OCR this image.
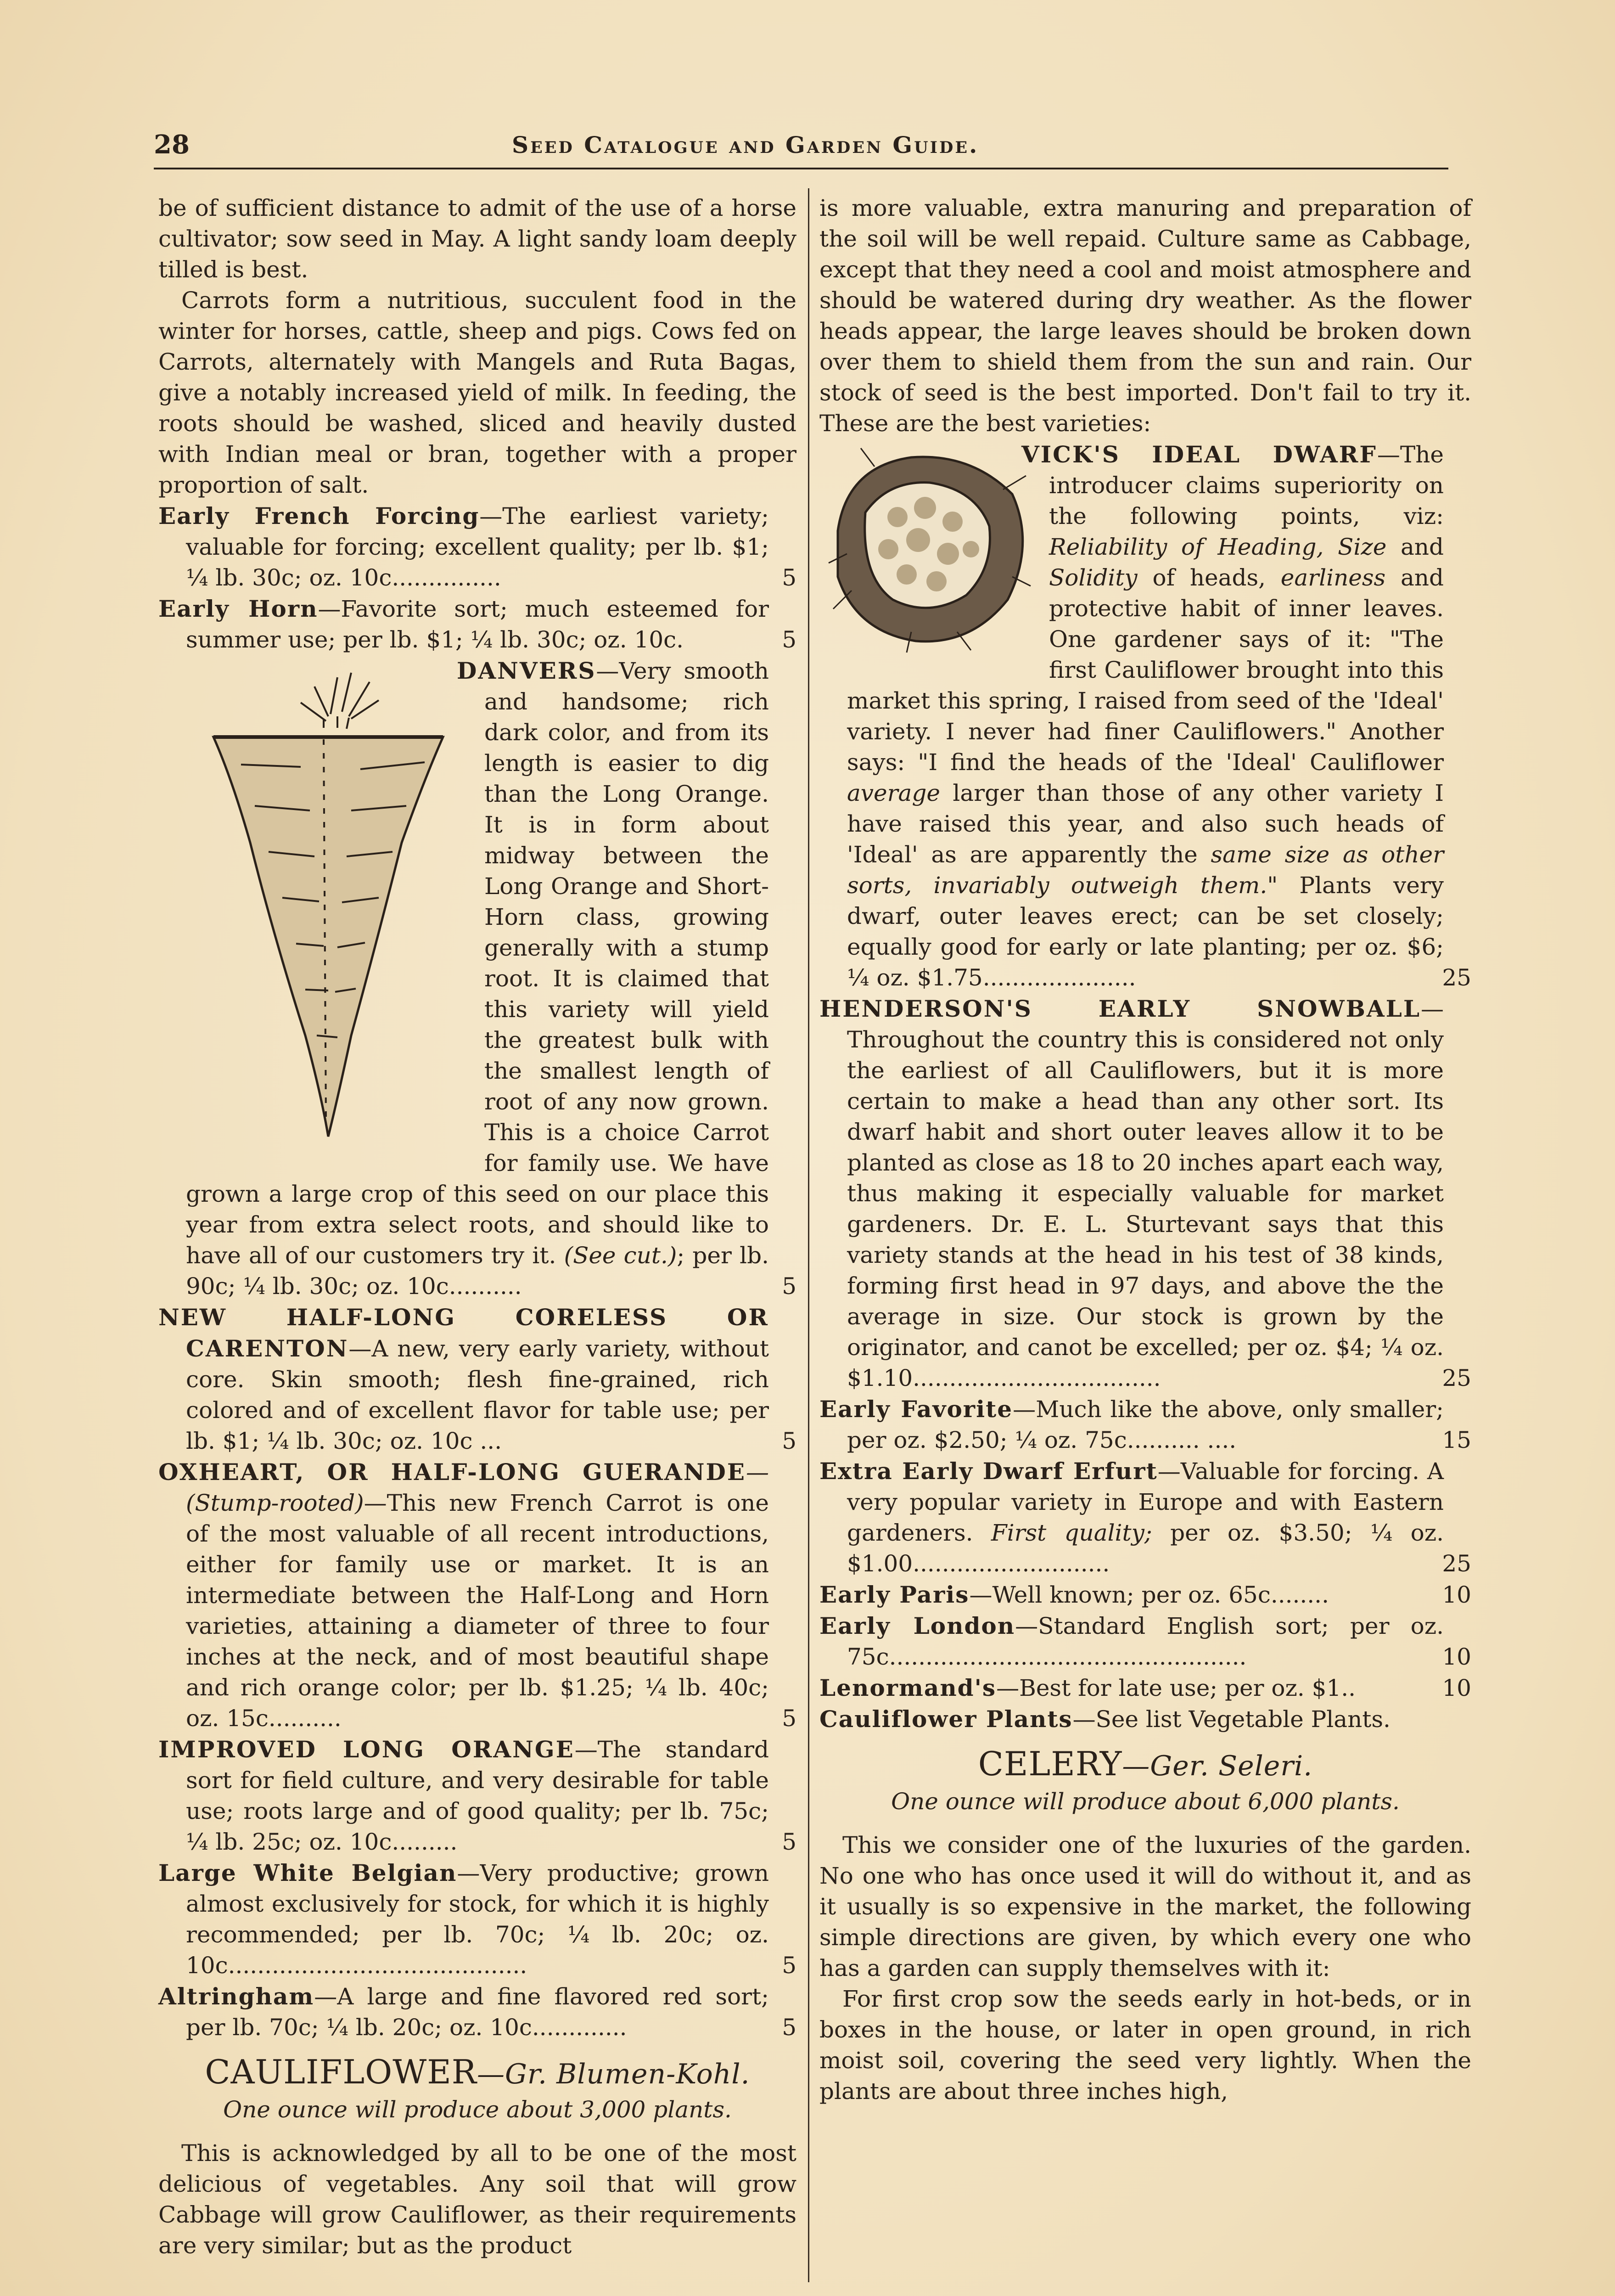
28	Seed Catalogue and Garden Guide.

be of sufficient distance to admit of the use of a horse cultivator; sow seed in May. A light sandy loam deeply tilled is best.

Carrots form a nutritious, succulent food in the winter for horses, cattle, sheep and pigs. Cows fed on Carrots, alternately with Mangels and Ruta Bagas, give a notably increased yield of milk. In feeding, the roots should be washed, sliced and heavily dusted with Indian meal or bran, together with a proper proportion of salt.

Early French Forcing—The earliest variety; valuable for forcing; excellent quality; per lb. $1; ¼ lb. 30c; oz. 10c...............	5
Early Horn—Favorite sort; much esteemed for summer use; per lb. $1; ¼ lb. 30c; oz. 10c.	5
DANVERS—Very smooth and handsome; rich dark color, and from its length is easier to dig than the Long Orange. It is in form about midway between the Long Orange and Short-Horn class, growing generally with a stump root. It is claimed that this variety will yield the greatest bulk with the smallest length of root of any now grown. This is a choice Carrot for family use. We have grown a large crop of this seed on our place this year from extra select roots, and should like to have all of our customers try it. (See cut.); per lb. 90c; ¼ lb. 30c; oz. 10c..........	5
NEW HALF-LONG CORELESS OR CARENTON—A new, very early variety, without core. Skin smooth; flesh fine-grained, rich colored and of excellent flavor for table use; per lb. $1; ¼ lb. 30c; oz. 10c ...	5
OXHEART, OR HALF-LONG GUERANDE—(Stump-rooted)—This new French Carrot is one of the most valuable of all recent introductions, either for family use or market. It is an intermediate between the Half-Long and Horn varieties, attaining a diameter of three to four inches at the neck, and of most beautiful shape and rich orange color; per lb. $1.25; ¼ lb. 40c; oz. 15c..........	5
IMPROVED LONG ORANGE—The standard sort for field culture, and very desirable for table use; roots large and of good quality; per lb. 75c; ¼ lb. 25c; oz. 10c.........	5
Large White Belgian—Very productive; grown almost exclusively for stock, for which it is highly recommended; per lb. 70c; ¼ lb. 20c; oz. 10c.........................................	5
Altringham—A large and fine flavored red sort; per lb. 70c; ¼ lb. 20c; oz. 10c.............	5
CAULIFLOWER—Gr. Blumen-Kohl.
One ounce will produce about 3,000 plants.

This is acknowledged by all to be one of the most delicious of vegetables. Any soil that will grow Cabbage will grow Cauliflower, as their requirements are very similar; but as the product

is more valuable, extra manuring and preparation of the soil will be well repaid. Culture same as Cabbage, except that they need a cool and moist atmosphere and should be watered during dry weather. As the flower heads appear, the large leaves should be broken down over them to shield them from the sun and rain. Our stock of seed is the best imported. Don't fail to try it. These are the best varieties:

VICK'S IDEAL DWARF—The introducer claims superiority on the following points, viz: Reliability of Heading, Size and Solidity of heads, earliness and protective habit of inner leaves. One gardener says of it: "The first Cauliflower brought into this market this spring, I raised from seed of the 'Ideal' variety. I never had finer Cauliflowers." Another says: "I find the heads of the 'Ideal' Cauliflower average larger than those of any other variety I have raised this year, and also such heads of 'Ideal' as are apparently the same size as other sorts, invariably outweigh them." Plants very dwarf, outer leaves erect; can be set closely; equally good for early or late planting; per oz. $6; ¼ oz. $1.75.....................	25
HENDERSON'S EARLY SNOWBALL—Throughout the country this is considered not only the earliest of all Cauliflowers, but it is more certain to make a head than any other sort. Its dwarf habit and short outer leaves allow it to be planted as close as 18 to 20 inches apart each way, thus making it especially valuable for market gardeners. Dr. E. L. Sturtevant says that this variety stands at the head in his test of 38 kinds, forming first head in 97 days, and above the the average in size. Our stock is grown by the originator, and canot be excelled; per oz. $4; ¼ oz. $1.10..................................	25
Early Favorite—Much like the above, only smaller; per oz. $2.50; ¼ oz. 75c.......... ....	15
Extra Early Dwarf Erfurt—Valuable for forcing. A very popular variety in Europe and with Eastern gardeners. First quality; per oz. $3.50; ¼ oz. $1.00...........................	25
Early Paris—Well known; per oz. 65c........	10
Early London—Standard English sort; per oz. 75c.................................................	10
Lenormand's—Best for late use; per oz. $1..	10
Cauliflower Plants—See list Vegetable Plants.
CELERY—Ger. Seleri.
One ounce will produce about 6,000 plants.

This we consider one of the luxuries of the garden. No one who has once used it will do without it, and as it usually is so expensive in the market, the following simple directions are given, by which every one who has a garden can supply themselves with it:

For first crop sow the seeds early in hot-beds, or in boxes in the house, or later in open ground, in rich moist soil, covering the seed very lightly. When the plants are about three inches high,
